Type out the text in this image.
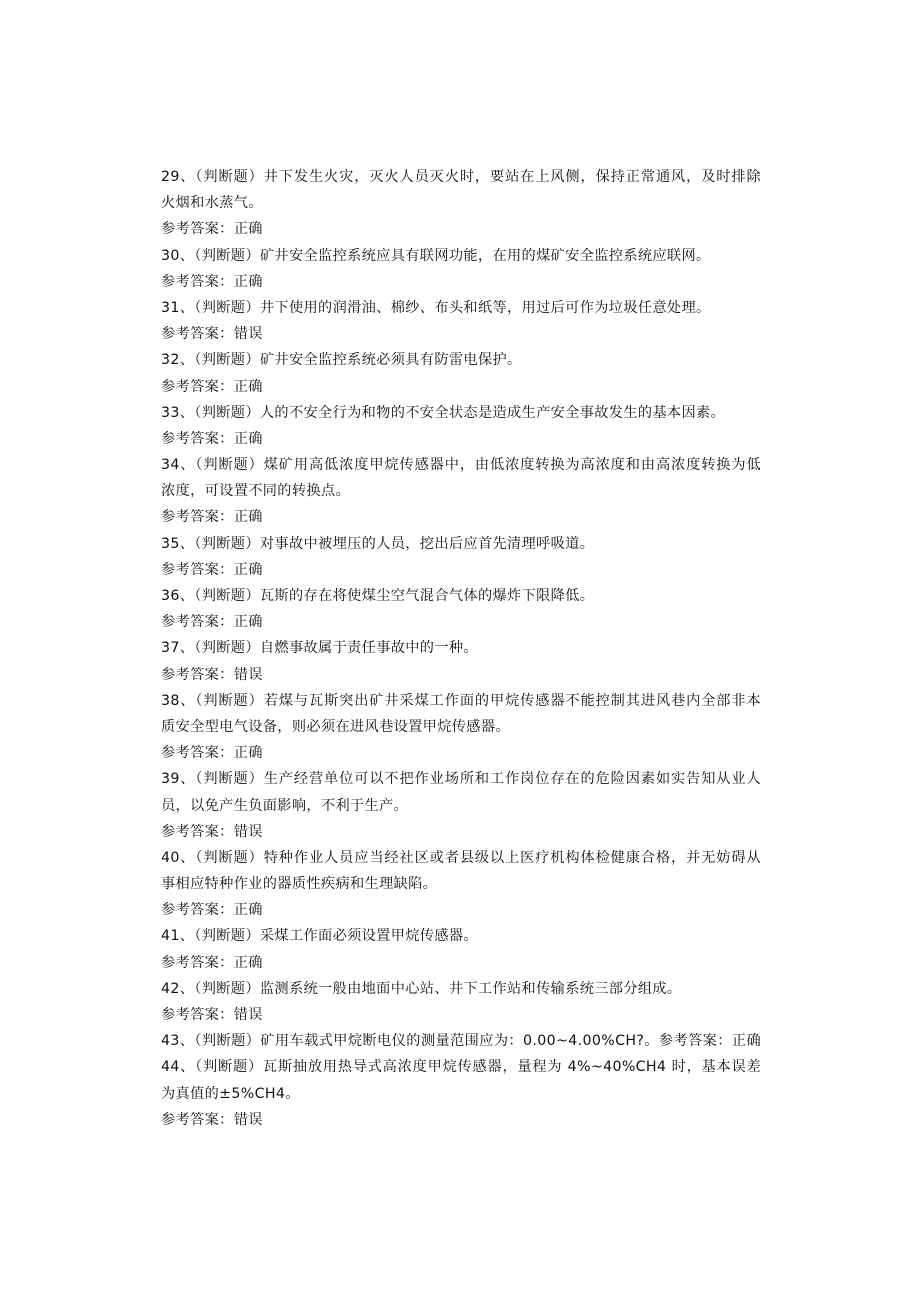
29、（判断题）井下发生火灾，灭火人员灭火时，要站在上风侧，保持正常通风，及时排除
火烟和水蒸气。
参考答案：正确
30、（判断题）矿井安全监控系统应具有联网功能，在用的煤矿安全监控系统应联网。
参考答案：正确
31、（判断题）井下使用的润滑油、棉纱、布头和纸等，用过后可作为垃圾任意处理。
参考答案：错误
32、（判断题）矿井安全监控系统必须具有防雷电保护。
参考答案：正确
33、（判断题）人的不安全行为和物的不安全状态是造成生产安全事故发生的基本因素。
参考答案：正确
34、（判断题）煤矿用高低浓度甲烷传感器中，由低浓度转换为高浓度和由高浓度转换为低
浓度，可设置不同的转换点。
参考答案：正确
35、（判断题）对事故中被埋压的人员，挖出后应首先清理呼吸道。
参考答案：正确
36、（判断题）瓦斯的存在将使煤尘空气混合气体的爆炸下限降低。
参考答案：正确
37、（判断题）自燃事故属于责任事故中的一种。
参考答案：错误
38、（判断题）若煤与瓦斯突出矿井采煤工作面的甲烷传感器不能控制其进风巷内全部非本
质安全型电气设备，则必须在进风巷设置甲烷传感器。
参考答案：正确
39、（判断题）生产经营单位可以不把作业场所和工作岗位存在的危险因素如实告知从业人
员，以免产生负面影响，不利于生产。
参考答案：错误
40、（判断题）特种作业人员应当经社区或者县级以上医疗机构体检健康合格，并无妨碍从
事相应特种作业的器质性疾病和生理缺陷。
参考答案：正确
41、（判断题）采煤工作面必须设置甲烷传感器。
参考答案：正确
42、（判断题）监测系统一般由地面中心站、井下工作站和传输系统三部分组成。
参考答案：错误
43、（判断题）矿用车载式甲烷断电仪的测量范围应为：0.00~4.00%CH?。参考答案：正确
44、（判断题）瓦斯抽放用热导式高浓度甲烷传感器，量程为 4%~40%CH4 时，基本误差
为真值的±5%CH4。
参考答案：错误
